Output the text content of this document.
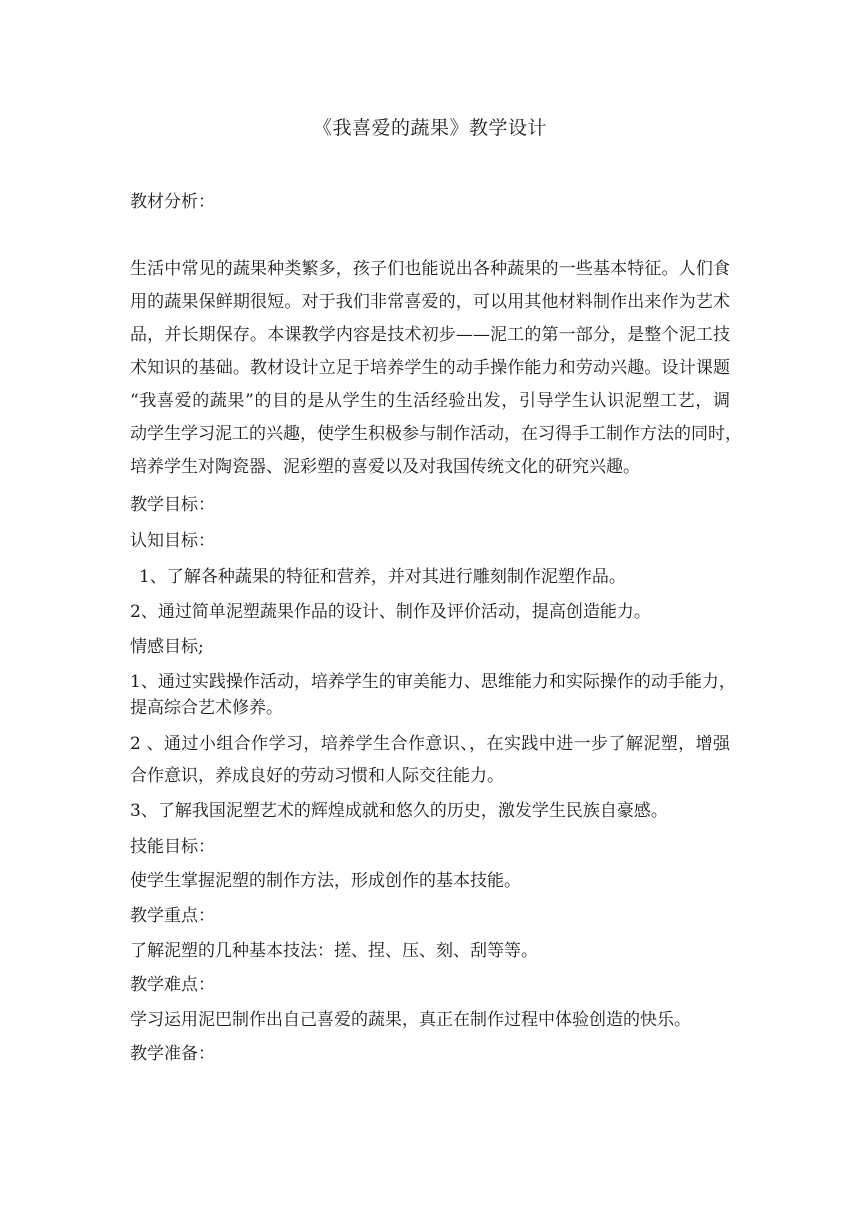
《我喜爱的蔬果》教学设计
教材分析：
生活中常见的蔬果种类繁多，孩子们也能说出各种蔬果的一些基本特征。人们食
用的蔬果保鲜期很短。对于我们非常喜爱的，可以用其他材料制作出来作为艺术
品，并长期保存。本课教学内容是技术初步——泥工的第一部分，是整个泥工技
术知识的基础。教材设计立足于培养学生的动手操作能力和劳动兴趣。设计课题
“我喜爱的蔬果”的目的是从学生的生活经验出发，引导学生认识泥塑工艺，调
动学生学习泥工的兴趣，使学生积极参与制作活动，在习得手工制作方法的同时，
培养学生对陶瓷器、泥彩塑的喜爱以及对我国传统文化的研究兴趣。
教学目标：
认知目标：
1、了解各种蔬果的特征和营养，并对其进行雕刻制作泥塑作品。
2、通过简单泥塑蔬果作品的设计、制作及评价活动，提高创造能力。
情感目标;
1、通过实践操作活动，培养学生的审美能力、思维能力和实际操作的动手能力，
提高综合艺术修养。
2 、通过小组合作学习，培养学生合作意识、，在实践中进一步了解泥塑，增强
合作意识，养成良好的劳动习惯和人际交往能力。
3、了解我国泥塑艺术的辉煌成就和悠久的历史，激发学生民族自豪感。
技能目标：
使学生掌握泥塑的制作方法，形成创作的基本技能。
教学重点：
了解泥塑的几种基本技法：搓、捏、压、刻、刮等等。
教学难点：
学习运用泥巴制作出自己喜爱的蔬果，真正在制作过程中体验创造的快乐。
教学准备：
